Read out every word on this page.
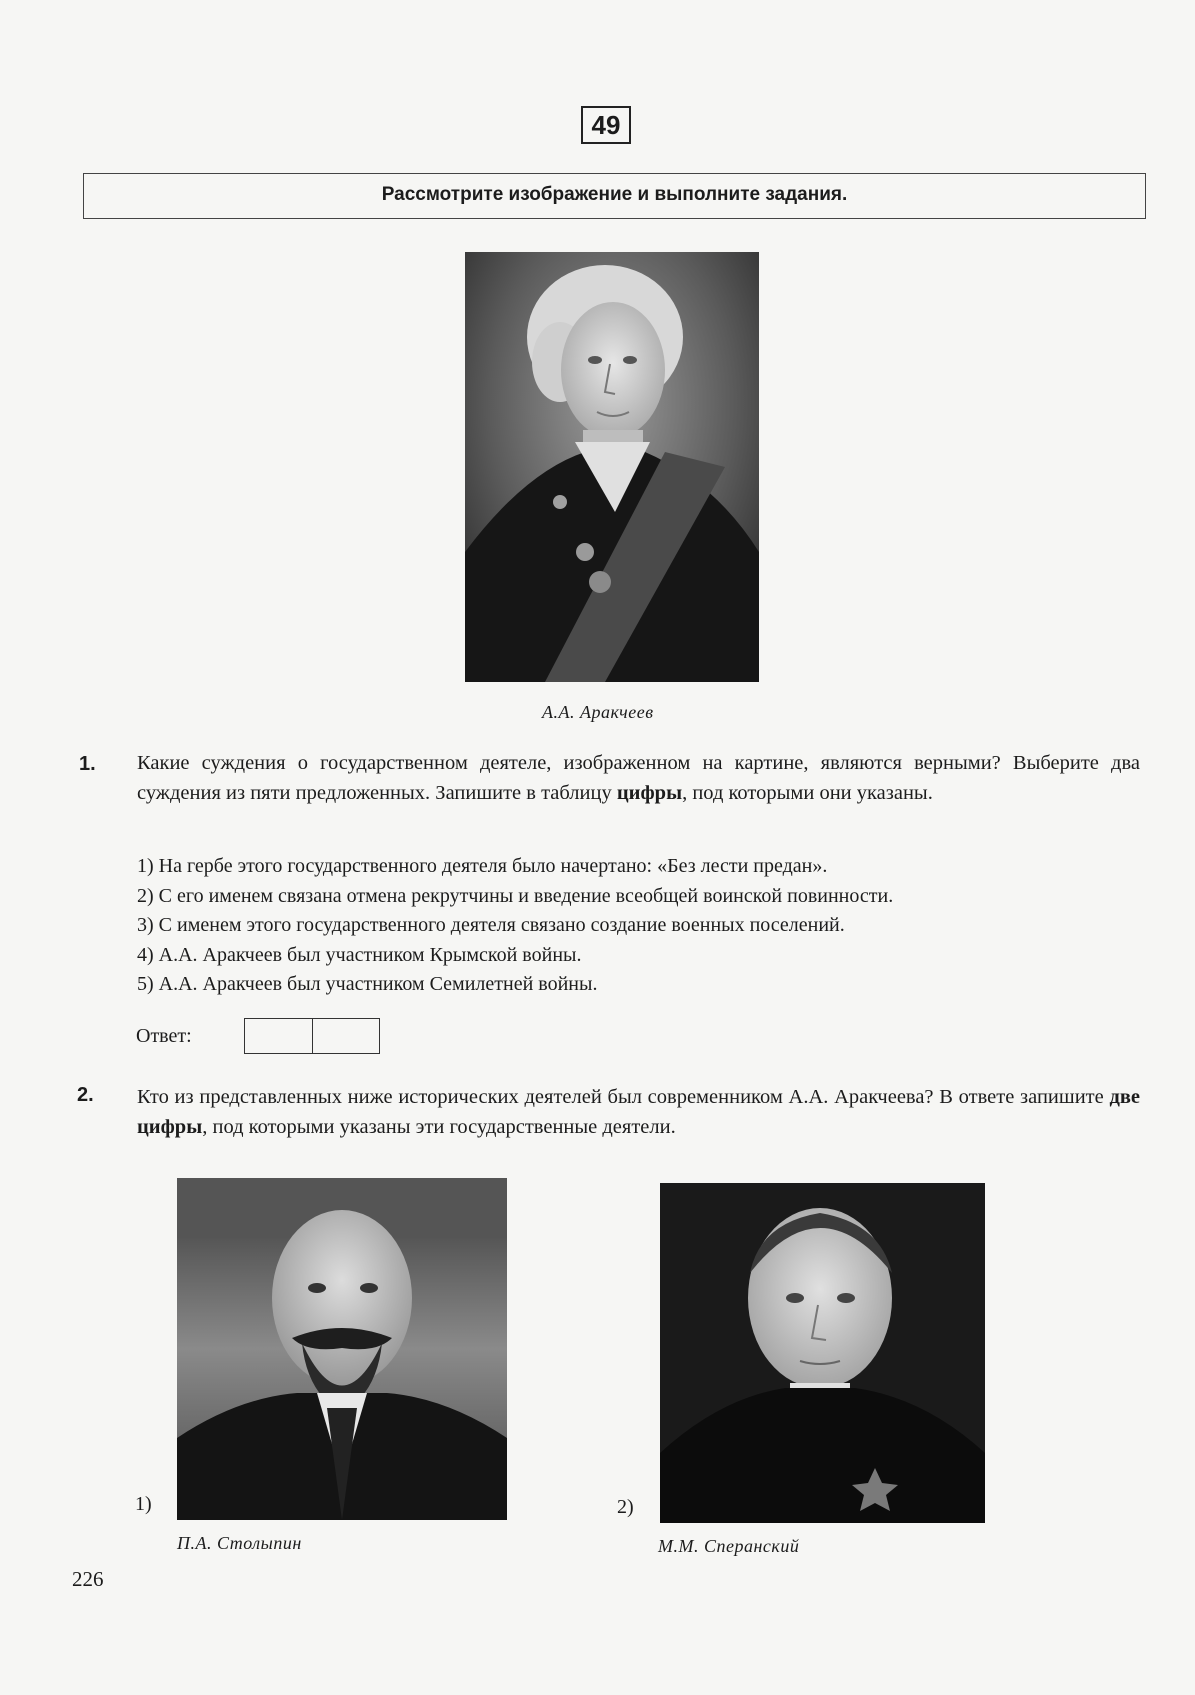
49
Рассмотрите изображение и выполните задания.
А.А. Аракчеев
1. Какие суждения о государственном деятеле, изображенном на картине, являются верными? Выберите два суждения из пяти предложенных. Запишите в таблицу цифры, под которыми они указаны.
1) На гербе этого государственного деятеля было начертано: «Без лести предан».
2) С его именем связана отмена рекрутчины и введение всеобщей воинской повинности.
3) С именем этого государственного деятеля связано создание военных поселений.
4) А.А. Аракчеев был участником Крымской войны.
5) А.А. Аракчеев был участником Семилетней войны.
Ответ:
2. Кто из представленных ниже исторических деятелей был современником А.А. Аракчеева? В ответе запишите две цифры, под которыми указаны эти государственные деятели.
1)
П.А. Столыпин
2)
М.М. Сперанский
226
